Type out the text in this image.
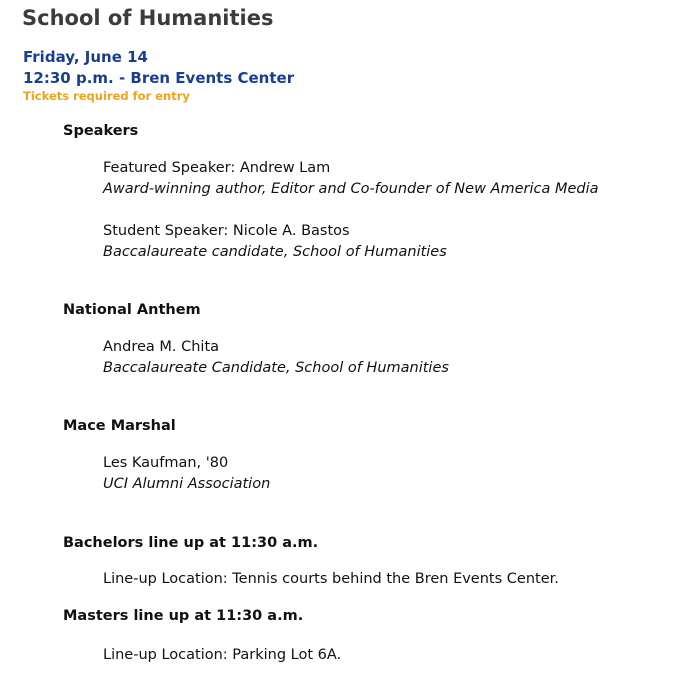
School of Humanities
Friday, June 14
12:30 p.m. - Bren Events Center
Tickets required for entry
Speakers
Featured Speaker: Andrew Lam
Award-winning author, Editor and Co-founder of New America Media
Student Speaker: Nicole A. Bastos
Baccalaureate candidate, School of Humanities
National Anthem
Andrea M. Chita
Baccalaureate Candidate, School of Humanities
Mace Marshal
Les Kaufman, '80
UCI Alumni Association
Bachelors line up at 11:30 a.m.
Line-up Location: Tennis courts behind the Bren Events Center.
Masters line up at 11:30 a.m.
Line-up Location: Parking Lot 6A.
